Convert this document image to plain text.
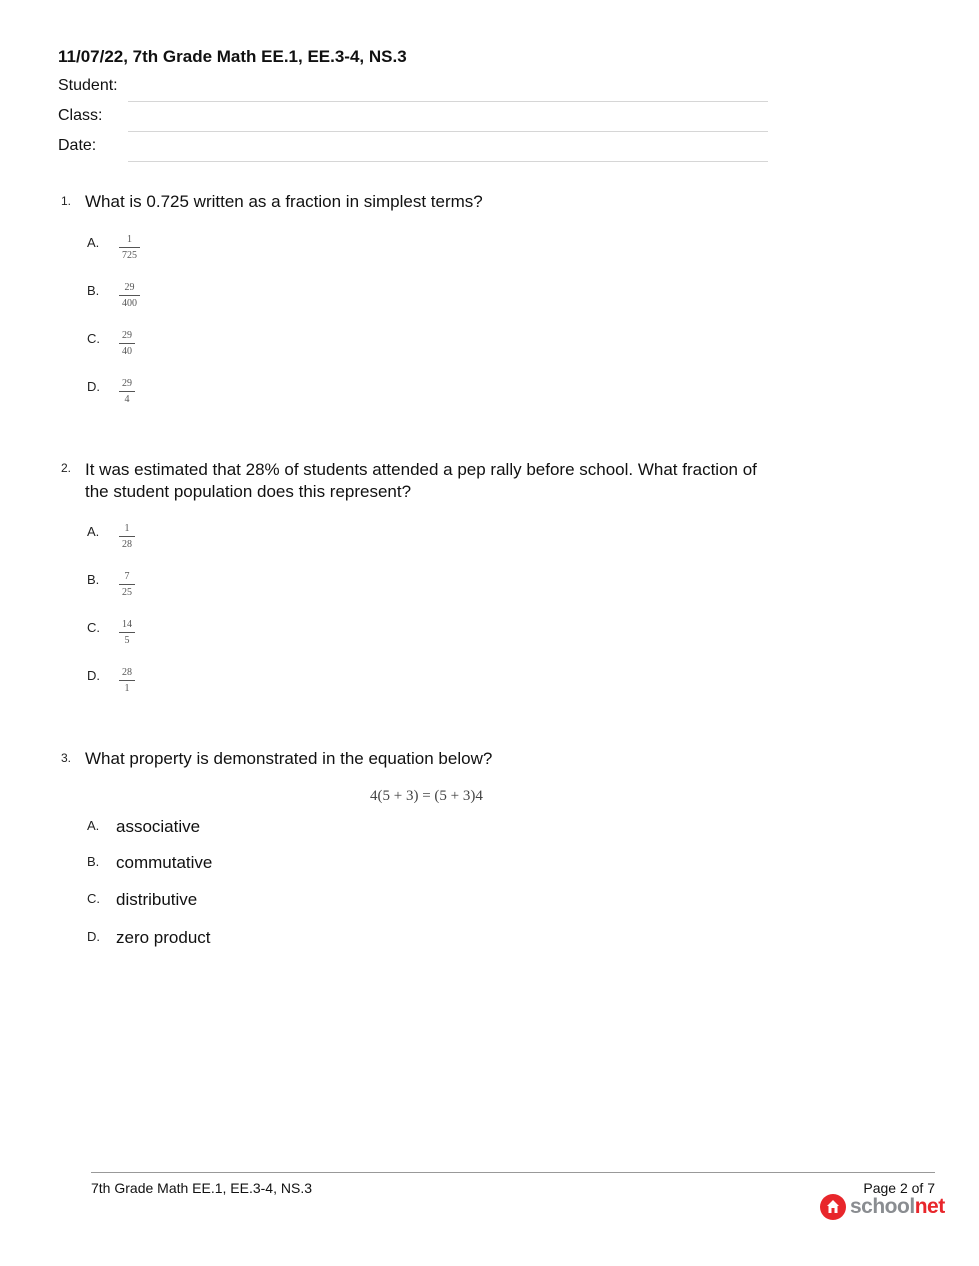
11/07/22, 7th Grade Math EE.1, EE.3-4, NS.3
Student:
Class:
Date:
1. What is 0.725 written as a fraction in simplest terms?
A.	1
725
B.	29
400
C.	29
40
D.	29
4
2. It was estimated that 28% of students attended a pep rally before school. What fraction of the student population does this represent?
A.	1
28
B.	7
25
C.	14
5
D.	28
1
3. What property is demonstrated in the equation below?
4(5 + 3) = (5 + 3)4
A. associative
B. commutative
C. distributive
D. zero product
7th Grade Math EE.1, EE.3-4, NS.3	Page 2 of 7
schoolnet
